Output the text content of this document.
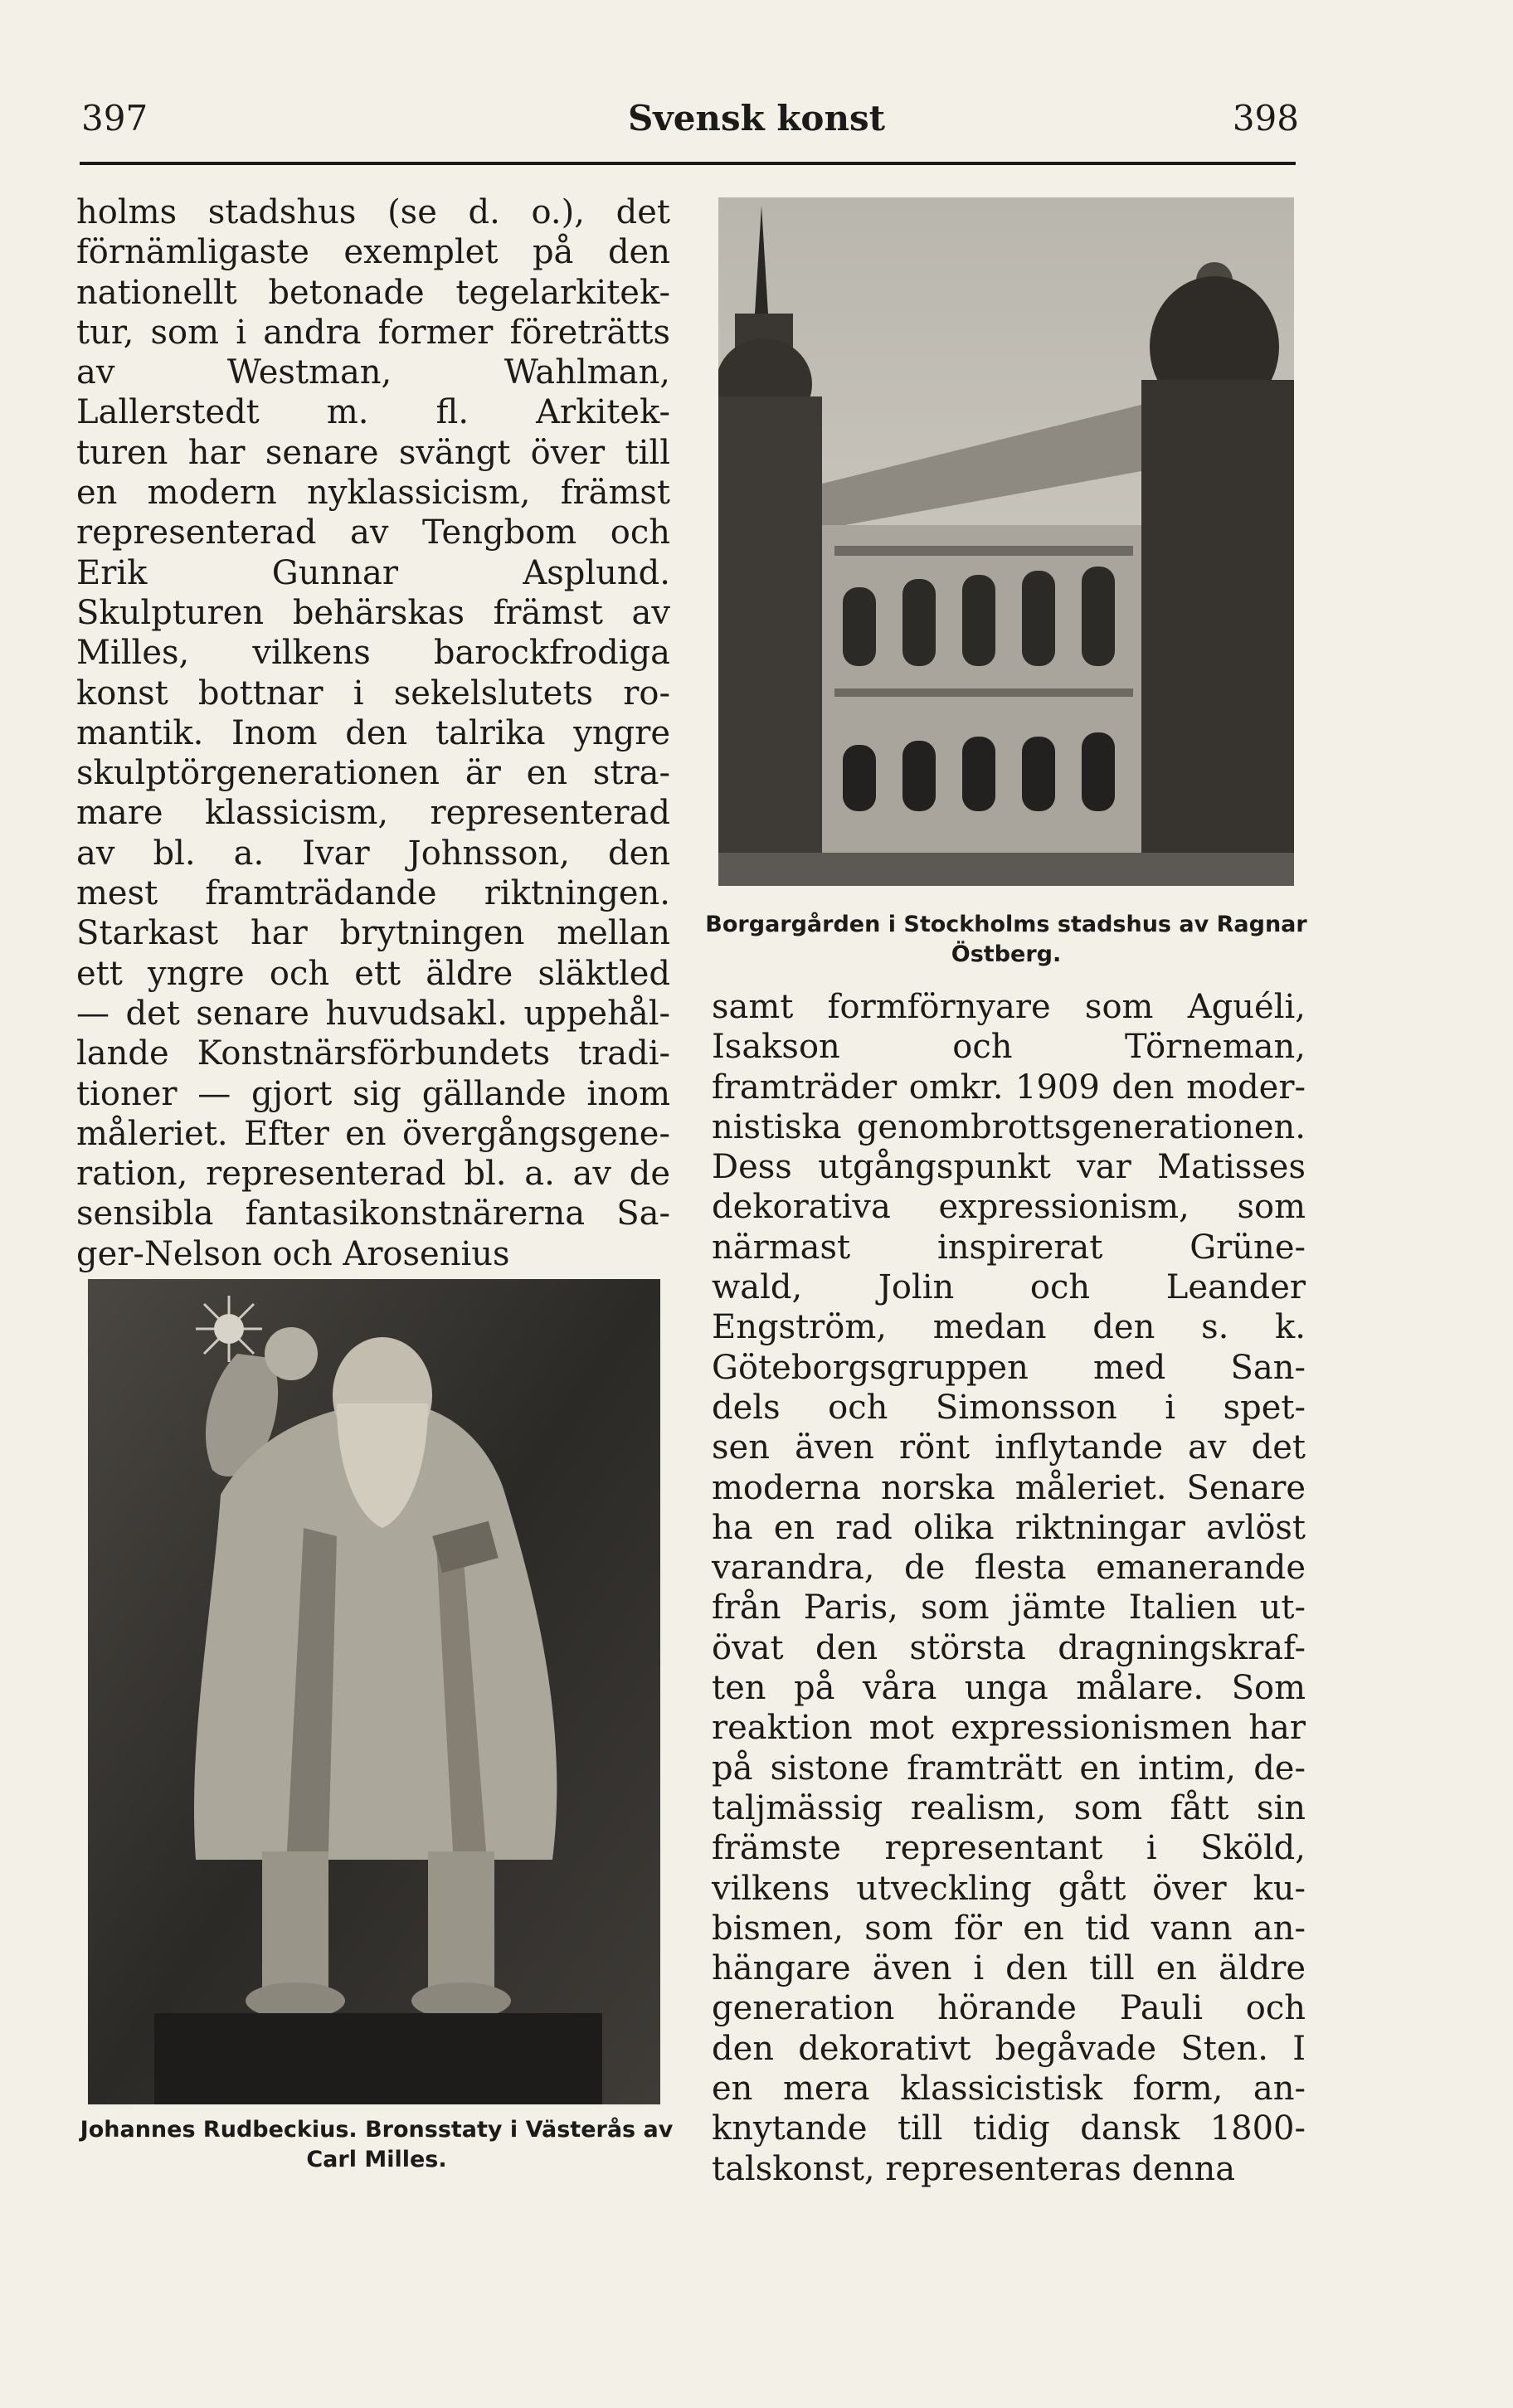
397	Svensk konst	398
holms stadshus (se d. o.), det
förnämligaste exemplet på den
nationellt betonade tegelarkitek-
tur, som i andra former företrätts
av Westman, Wahlman,
Lallerstedt m. fl. Arkitek-
turen har senare svängt över till
en modern nyklassicism, främst
representerad av Tengbom och
Erik Gunnar Asplund.
Skulpturen behärskas främst av
Milles, vilkens barockfrodiga
konst bottnar i sekelslutets ro-
mantik. Inom den talrika yngre
skulptörgenerationen är en stra-
mare klassicism, representerad
av bl. a. Ivar Johnsson, den
mest framträdande riktningen.
Starkast har brytningen mellan
ett yngre och ett äldre släktled
— det senare huvudsakl. uppehål-
lande Konstnärsförbundets tradi-
tioner — gjort sig gällande inom
måleriet. Efter en övergångsgene-
ration, representerad bl. a. av de
sensibla fantasikonstnärerna Sa-
ger-Nelson och Arosenius
Borgargården i Stockholms stadshus av Ragnar Östberg.
Johannes Rudbeckius. Bronsstaty i Västerås av Carl Milles.
samt formförnyare som Aguéli,
Isakson och Törneman,
framträder omkr. 1909 den moder-
nistiska genombrottsgenerationen.
Dess utgångspunkt var Matisses
dekorativa expressionism, som
närmast inspirerat Grüne-
wald, Jolin och Leander
Engström, medan den s. k.
Göteborgsgruppen med San-
dels och Simonsson i spet-
sen även rönt inflytande av det
moderna norska måleriet. Senare
ha en rad olika riktningar avlöst
varandra, de flesta emanerande
från Paris, som jämte Italien ut-
övat den största dragningskraf-
ten på våra unga målare. Som
reaktion mot expressionismen har
på sistone framträtt en intim, de-
taljmässig realism, som fått sin
främste representant i Sköld,
vilkens utveckling gått över ku-
bismen, som för en tid vann an-
hängare även i den till en äldre
generation hörande Pauli och
den dekorativt begåvade Sten. I
en mera klassicistisk form, an-
knytande till tidig dansk 1800-
talskonst, representeras denna
